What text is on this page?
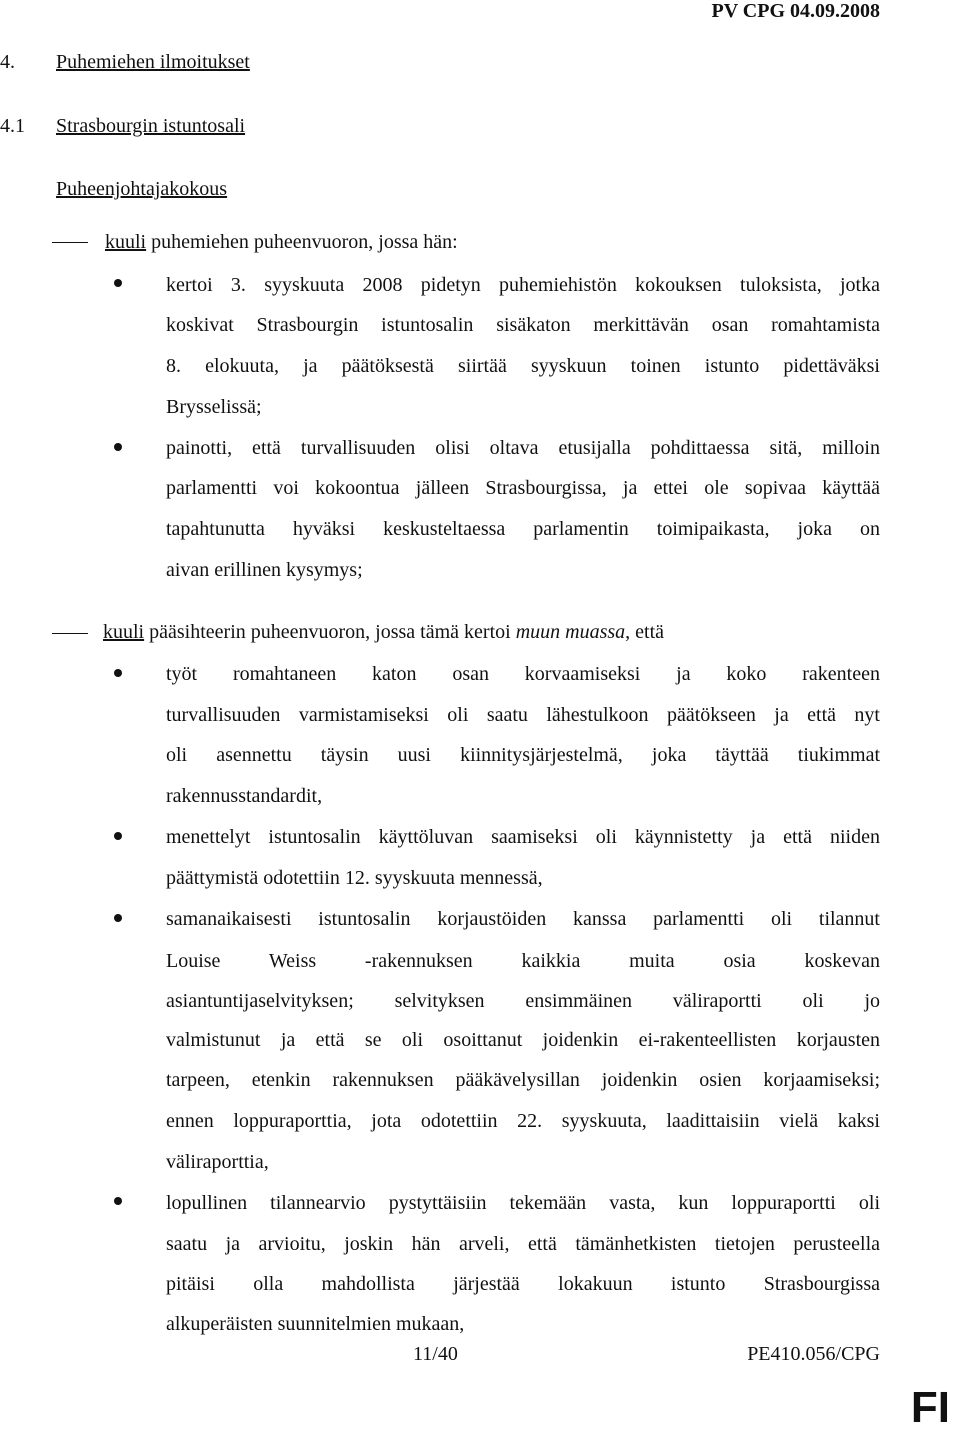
PV CPG 04.09.2008
4. Puhemiehen ilmoitukset
4.1 Strasbourgin istuntosali
Puheenjohtajakokous
kuuli puhemiehen puheenvuoron, jossa hän:
kertoi 3. syyskuuta 2008 pidetyn puhemiehistön kokouksen tuloksista, jotka
koskivat Strasbourgin istuntosalin sisäkaton merkittävän osan romahtamista
8. elokuuta, ja päätöksestä siirtää syyskuun toinen istunto pidettäväksi
Brysselissä;
painotti, että turvallisuuden olisi oltava etusijalla pohdittaessa sitä, milloin
parlamentti voi kokoontua jälleen Strasbourgissa, ja ettei ole sopivaa käyttää
tapahtunutta hyväksi keskusteltaessa parlamentin toimipaikasta, joka on
aivan erillinen kysymys;
kuuli pääsihteerin puheenvuoron, jossa tämä kertoi muun muassa, että
työt romahtaneen katon osan korvaamiseksi ja koko rakenteen
turvallisuuden varmistamiseksi oli saatu lähestulkoon päätökseen ja että nyt
oli asennettu täysin uusi kiinnitysjärjestelmä, joka täyttää tiukimmat
rakennusstandardit,
menettelyt istuntosalin käyttöluvan saamiseksi oli käynnistetty ja että niiden
päättymistä odotettiin 12. syyskuuta mennessä,
samanaikaisesti istuntosalin korjaustöiden kanssa parlamentti oli tilannut
Louise Weiss -rakennuksen kaikkia muita osia koskevan
asiantuntijaselvityksen; selvityksen ensimmäinen väliraportti oli jo
valmistunut ja että se oli osoittanut joidenkin ei-rakenteellisten korjausten
tarpeen, etenkin rakennuksen pääkävelysillan joidenkin osien korjaamiseksi;
ennen loppuraporttia, jota odotettiin 22. syyskuuta, laadittaisiin vielä kaksi
väliraporttia,
lopullinen tilannearvio pystyttäisiin tekemään vasta, kun loppuraportti oli
saatu ja arvioitu, joskin hän arveli, että tämänhetkisten tietojen perusteella
pitäisi olla mahdollista järjestää lokakuun istunto Strasbourgissa
alkuperäisten suunnitelmien mukaan,
11/40	PE410.056/CPG
FI
